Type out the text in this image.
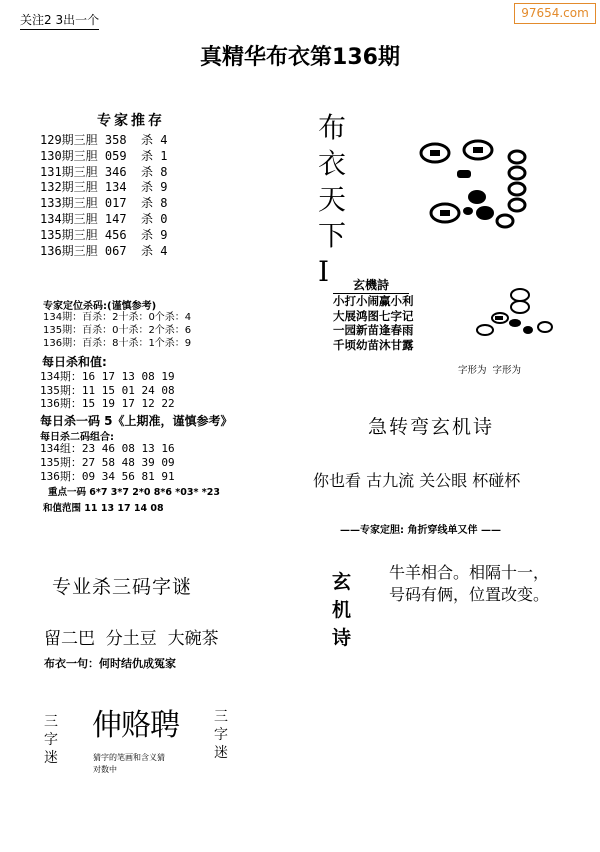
关注2 3出一个	97654.com
真精华布衣第136期
专家推存
129期三胆 358  杀 4
130期三胆 059  杀 1
131期三胆 346  杀 8
132期三胆 134  杀 9
133期三胆 017  杀 8
134期三胆 147  杀 0
135期三胆 456  杀 9
136期三胆 067  杀 4
布衣天下Ⅰ
专家定位杀码:(谨慎参考)
134期：百杀：2十杀：0个杀：4
135期：百杀：0十杀：2个杀：6
136期：百杀：8十杀：1个杀：9
每日杀和值:
134期：16 17 13 08 19
135期：11 15 01 24 08
136期：15 19 17 12 22
每日杀一码 5《上期准，谨慎参考》
每日杀二码组合:
134组：23 46 08 13 16
135期：27 58 48 39 09
136期：09 34 56 81 91
重点一码 6*7 3*7 2*0 8*6 *03* *23
和值范围 11 13 17 14 08
玄機詩
小打小闹赢小利
大展鸿图七字记
一园新苗逢春雨
千顷幼苗沐甘露
字形为  字形为
急转弯玄机诗
你也看 古九流 关公眼 杯碰杯
——专家定胆: 角折穿线单又伴 ——
玄机诗
牛羊相合。相隔十一，
号码有俩，位置改变。
专业杀三码字谜
留二巴  分土豆  大碗茶
布衣一句：何时结仇成冤家
三字迷
伸赂聘	三字迷
猜字的笔画和含义猜
对数中
